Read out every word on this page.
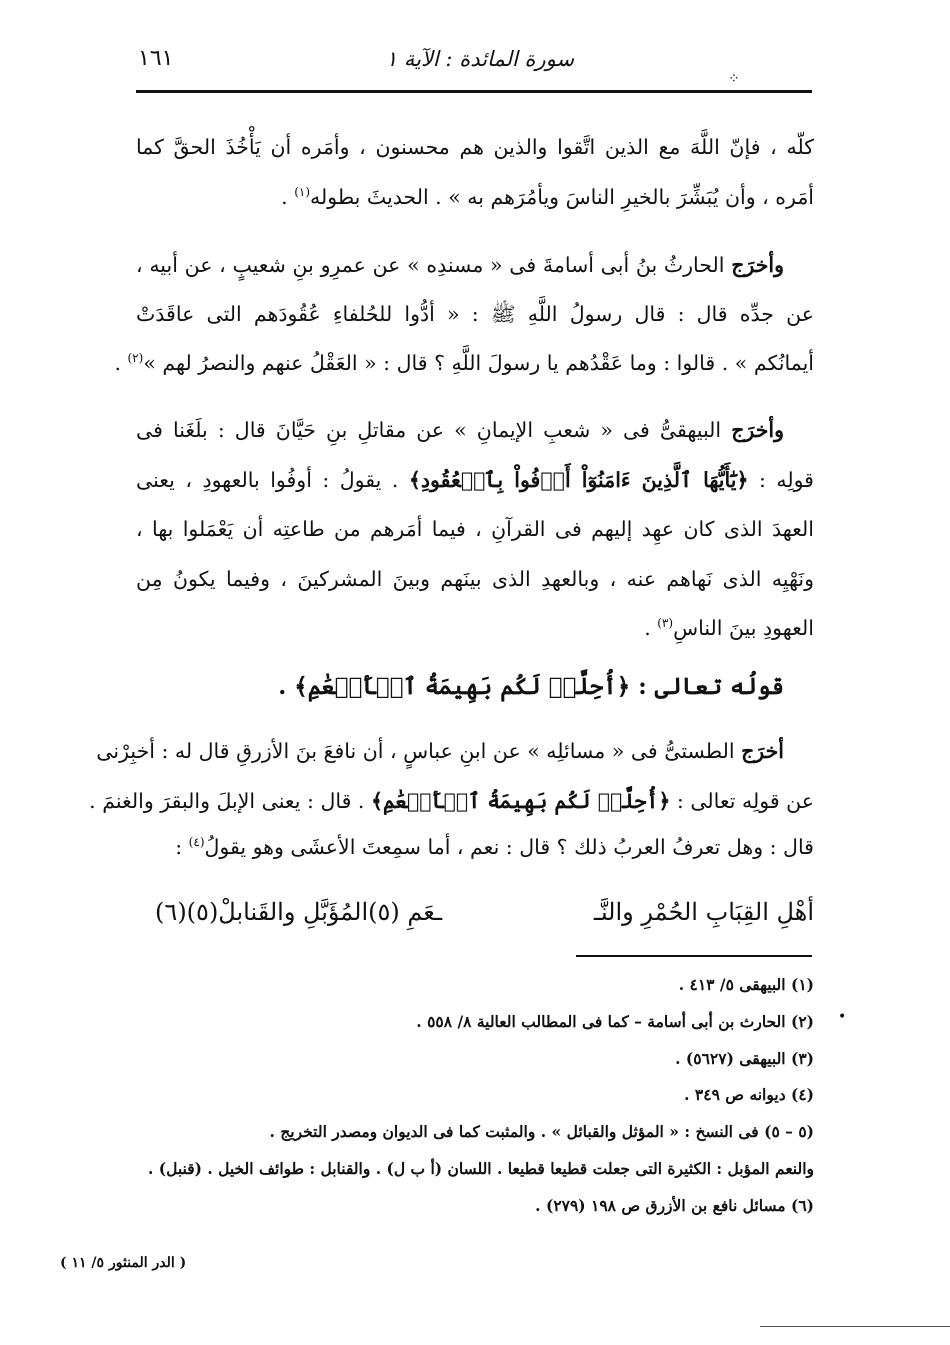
١٦١	سورة المائدة : الآية ١
⁘
كلّه ، فإنّ اللَّهَ مع الذين اتَّقوا والذين هم محسنون ، وأمَره أن يَأْخُذَ الحقَّ كما
أمَره ، وأن يُبَشِّرَ بالخيرِ الناسَ ويأمُرَهم به » . الحديثَ بطوله$^{(١)}$ .
وأخرَج الحارثُ بنُ أبى أسامةَ فى « مسندِه » عن عمرِو بنِ شعيبٍ ، عن أبيه ،
عن جدِّه قال : قال رسولُ اللَّهِ ﷺ : « أدُّوا للحُلفاءِ عُقُودَهم التى عاقَدَتْ
أيمانُكم » . قالوا : وما عَقْدُهم يا رسولَ اللَّهِ ؟ قال : « العَقْلُ عنهم والنصرُ لهم »$^{(٢)}$ .
وأخرَج البيهقىُّ فى « شعبِ الإيمانِ » عن مقاتلِ بنِ حَيَّانَ قال : بلَغَنا فى
قولِه : ﴿يَٰٓأَيُّهَا ٱلَّذِينَ ءَامَنُوٓاْ أَوۡفُواْ بِٱلۡعُقُودِ﴾ . يقولُ : أوفُوا بالعهودِ ، يعنى
العهدَ الذى كان عهِد إليهم فى القرآنِ ، فيما أمَرهم من طاعتِه أن يَعْمَلوا بها ،
ونَهْيِه الذى نَهاهم عنه ، وبالعهدِ الذى بينَهم وبينَ المشركينَ ، وفيما يكونُ مِن
العهودِ بينَ الناسِ$^{(٣)}$ .
قولُه تعالى : ﴿أُحِلَّتۡ لَكُم بَهِيمَةُ ٱلۡأَنۡعَٰمِ﴾ .
أخرَج الطستىُّ فى « مسائلِه » عن ابنِ عباسٍ ، أن نافعَ بنَ الأزرقِ قال له : أخبِرْنى
عن قولِه تعالى : ﴿أُحِلَّتۡ لَكُم بَهِيمَةُ ٱلۡأَنۡعَٰمِ﴾ . قال : يعنى الإبلَ والبقرَ والغنمَ .
قال : وهل تعرفُ العربُ ذلك ؟ قال : نعم ، أما سمِعتَ الأعشَى وهو يقولُ$^{(٤)}$ :
أهْلِ القِبَابِ الحُمْرِ والنَّـ
ـعَمِ (٥)المُؤَبَّلِ والقَنابلْ(٥)(٦)
(١) البيهقى ٥/ ٤١٣ .
(٢) الحارث بن أبى أسامة – كما فى المطالب العالية ٨/ ٥٥٨ .
(٣) البيهقى (٥٦٢٧) .
(٤) ديوانه ص ٣٤٩ .
(٥ – ٥) فى النسخ : « المؤثل والقبائل » . والمثبت كما فى الديوان ومصدر التخريج .
والنعم المؤبل : الكثيرة التى جعلت قطيعا قطيعا . اللسان (أ ب ل) . والقنابل : طوائف الخيل . (قنبل) .
(٦) مسائل نافع بن الأزرق ص ١٩٨ (٢٧٩) .
•
( الدر المنثور ٥/ ١١ )
